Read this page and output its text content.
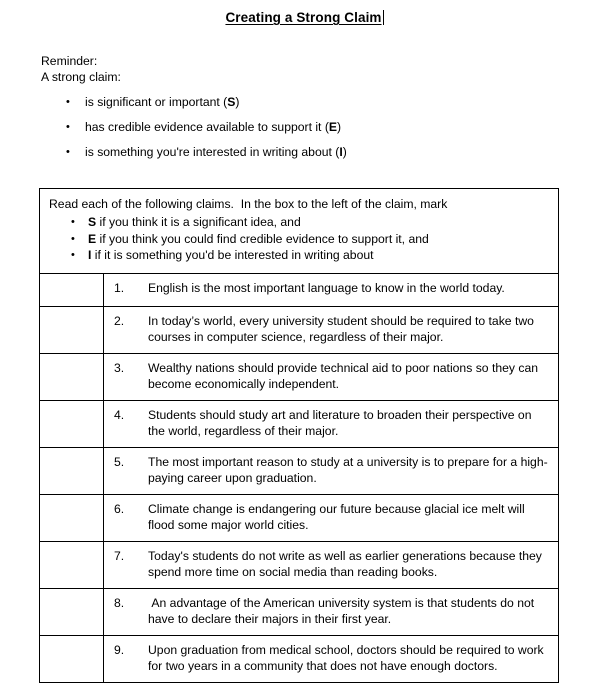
Creating a Strong Claim
Reminder:
A strong claim:
• is significant or important (S)
• has credible evidence available to support it (E)
• is something you're interested in writing about (I)
Read each of the following claims.  In the box to the left of the claim, mark
• S if you think it is a significant idea, and
• E if you think you could find credible evidence to support it, and
• I if it is something you'd be interested in writing about
1.	English is the most important language to know in the world today.
2.	In today’s world, every university student should be required to take two courses in computer science, regardless of their major.
3.	Wealthy nations should provide technical aid to poor nations so they can become economically independent.
4.	Students should study art and literature to broaden their perspective on the world, regardless of their major.
5.	The most important reason to study at a university is to prepare for a high-paying career upon graduation.
6.	Climate change is endangering our future because glacial ice melt will flood some major world cities.
7.	Today's students do not write as well as earlier generations because they spend more time on social media than reading books.
8.	An advantage of the American university system is that students do not have to declare their majors in their first year.
9.	Upon graduation from medical school, doctors should be required to work for two years in a community that does not have enough doctors.
